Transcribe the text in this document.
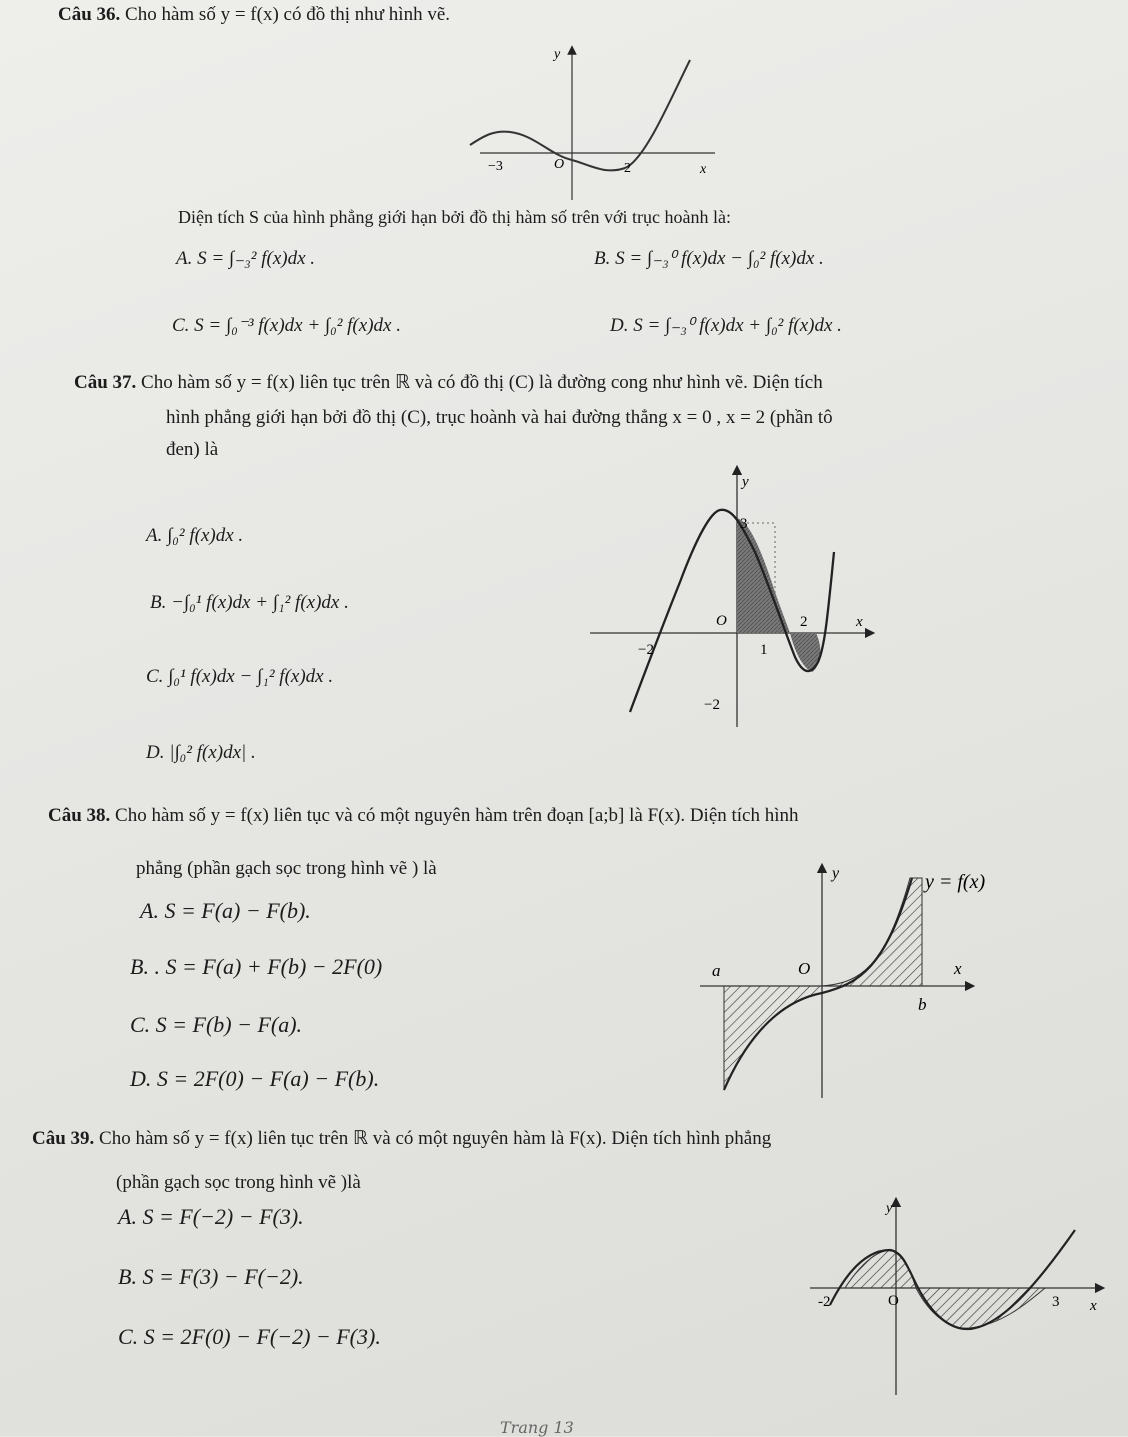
Câu 36. Cho hàm số y = f(x) có đồ thị như hình vẽ.
y
x
O
−3	2
Diện tích S của hình phẳng giới hạn bởi đồ thị hàm số trên với trục hoành là:
A. S = ∫₋₃² f(x)dx .	B. S = ∫₋₃⁰ f(x)dx − ∫₀² f(x)dx .
C. S = ∫₀⁻³ f(x)dx + ∫₀² f(x)dx .	D. S = ∫₋₃⁰ f(x)dx + ∫₀² f(x)dx .
Câu 37. Cho hàm số y = f(x) liên tục trên ℝ và có đồ thị (C) là đường cong như hình vẽ. Diện tích
hình phẳng giới hạn bởi đồ thị (C), trục hoành và hai đường thẳng x = 0 , x = 2 (phần tô
đen) là
A. ∫₀² f(x)dx .
B. −∫₀¹ f(x)dx + ∫₁² f(x)dx .
C. ∫₀¹ f(x)dx − ∫₁² f(x)dx .
D. |∫₀² f(x)dx| .
y
x
O
3
2
−2	1
−2
Câu 38. Cho hàm số y = f(x) liên tục và có một nguyên hàm trên đoạn [a;b] là F(x). Diện tích hình
phẳng (phần gạch sọc trong hình vẽ ) là
A. S = F(a) − F(b).
B. . S = F(a) + F(b) − 2F(0)
C. S = F(b) − F(a).
D. S = 2F(0) − F(a) − F(b).
y	y = f(x)
a	O	x
b
Câu 39. Cho hàm số y = f(x) liên tục trên ℝ và có một nguyên hàm là F(x). Diện tích hình phẳng
(phần gạch sọc trong hình vẽ )là
A. S = F(−2) − F(3).
B. S = F(3) − F(−2).
C. S = 2F(0) − F(−2) − F(3).
y
-2	O	3 x
Trang 13
